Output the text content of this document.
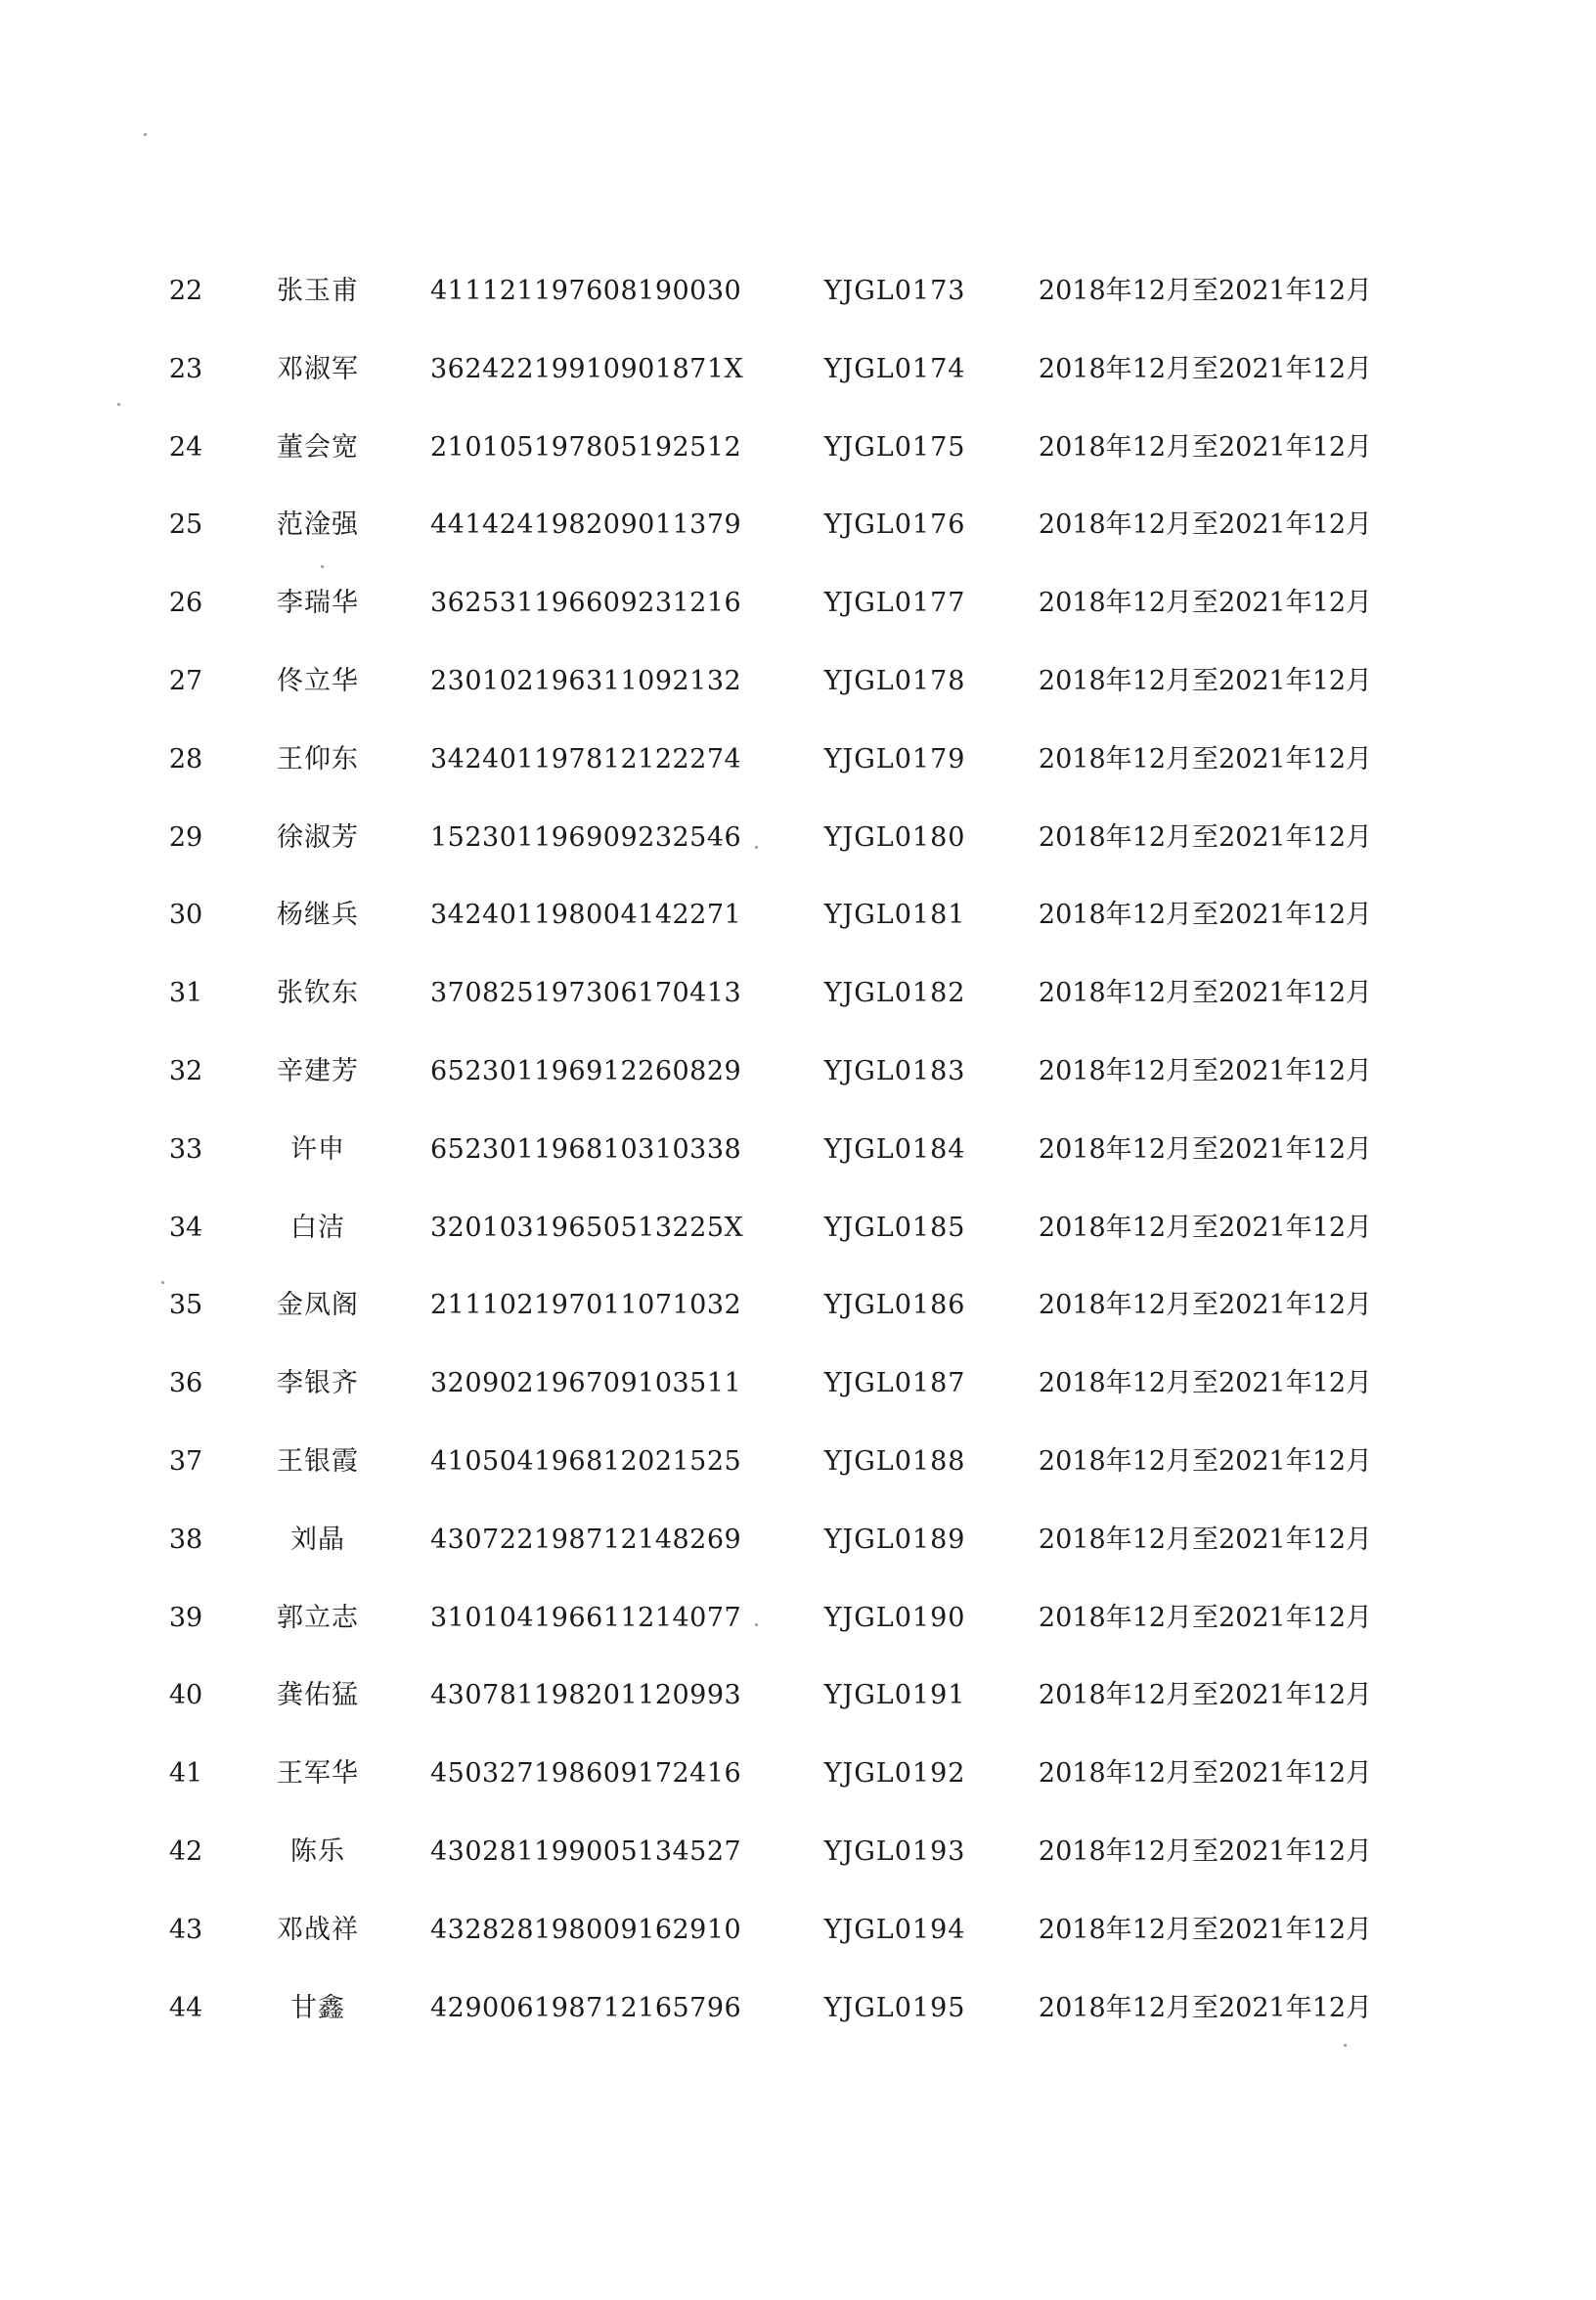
22	张玉甫	411121197608190030	YJGL0173	2018年12月至2021年12月
23	邓淑军	36242219910901871X	YJGL0174	2018年12月至2021年12月
24	董会宽	210105197805192512	YJGL0175	2018年12月至2021年12月
25	范淦强	441424198209011379	YJGL0176	2018年12月至2021年12月
26	李瑞华	362531196609231216	YJGL0177	2018年12月至2021年12月
27	佟立华	230102196311092132	YJGL0178	2018年12月至2021年12月
28	王仰东	342401197812122274	YJGL0179	2018年12月至2021年12月
29	徐淑芳	152301196909232546	YJGL0180	2018年12月至2021年12月
30	杨继兵	342401198004142271	YJGL0181	2018年12月至2021年12月
31	张钦东	370825197306170413	YJGL0182	2018年12月至2021年12月
32	辛建芳	652301196912260829	YJGL0183	2018年12月至2021年12月
33	许申	652301196810310338	YJGL0184	2018年12月至2021年12月
34	白洁	32010319650513225X	YJGL0185	2018年12月至2021年12月
35	金凤阁	211102197011071032	YJGL0186	2018年12月至2021年12月
36	李银齐	320902196709103511	YJGL0187	2018年12月至2021年12月
37	王银霞	410504196812021525	YJGL0188	2018年12月至2021年12月
38	刘晶	430722198712148269	YJGL0189	2018年12月至2021年12月
39	郭立志	310104196611214077	YJGL0190	2018年12月至2021年12月
40	龚佑猛	430781198201120993	YJGL0191	2018年12月至2021年12月
41	王军华	450327198609172416	YJGL0192	2018年12月至2021年12月
42	陈乐	430281199005134527	YJGL0193	2018年12月至2021年12月
43	邓战祥	432828198009162910	YJGL0194	2018年12月至2021年12月
44	甘鑫	429006198712165796	YJGL0195	2018年12月至2021年12月
